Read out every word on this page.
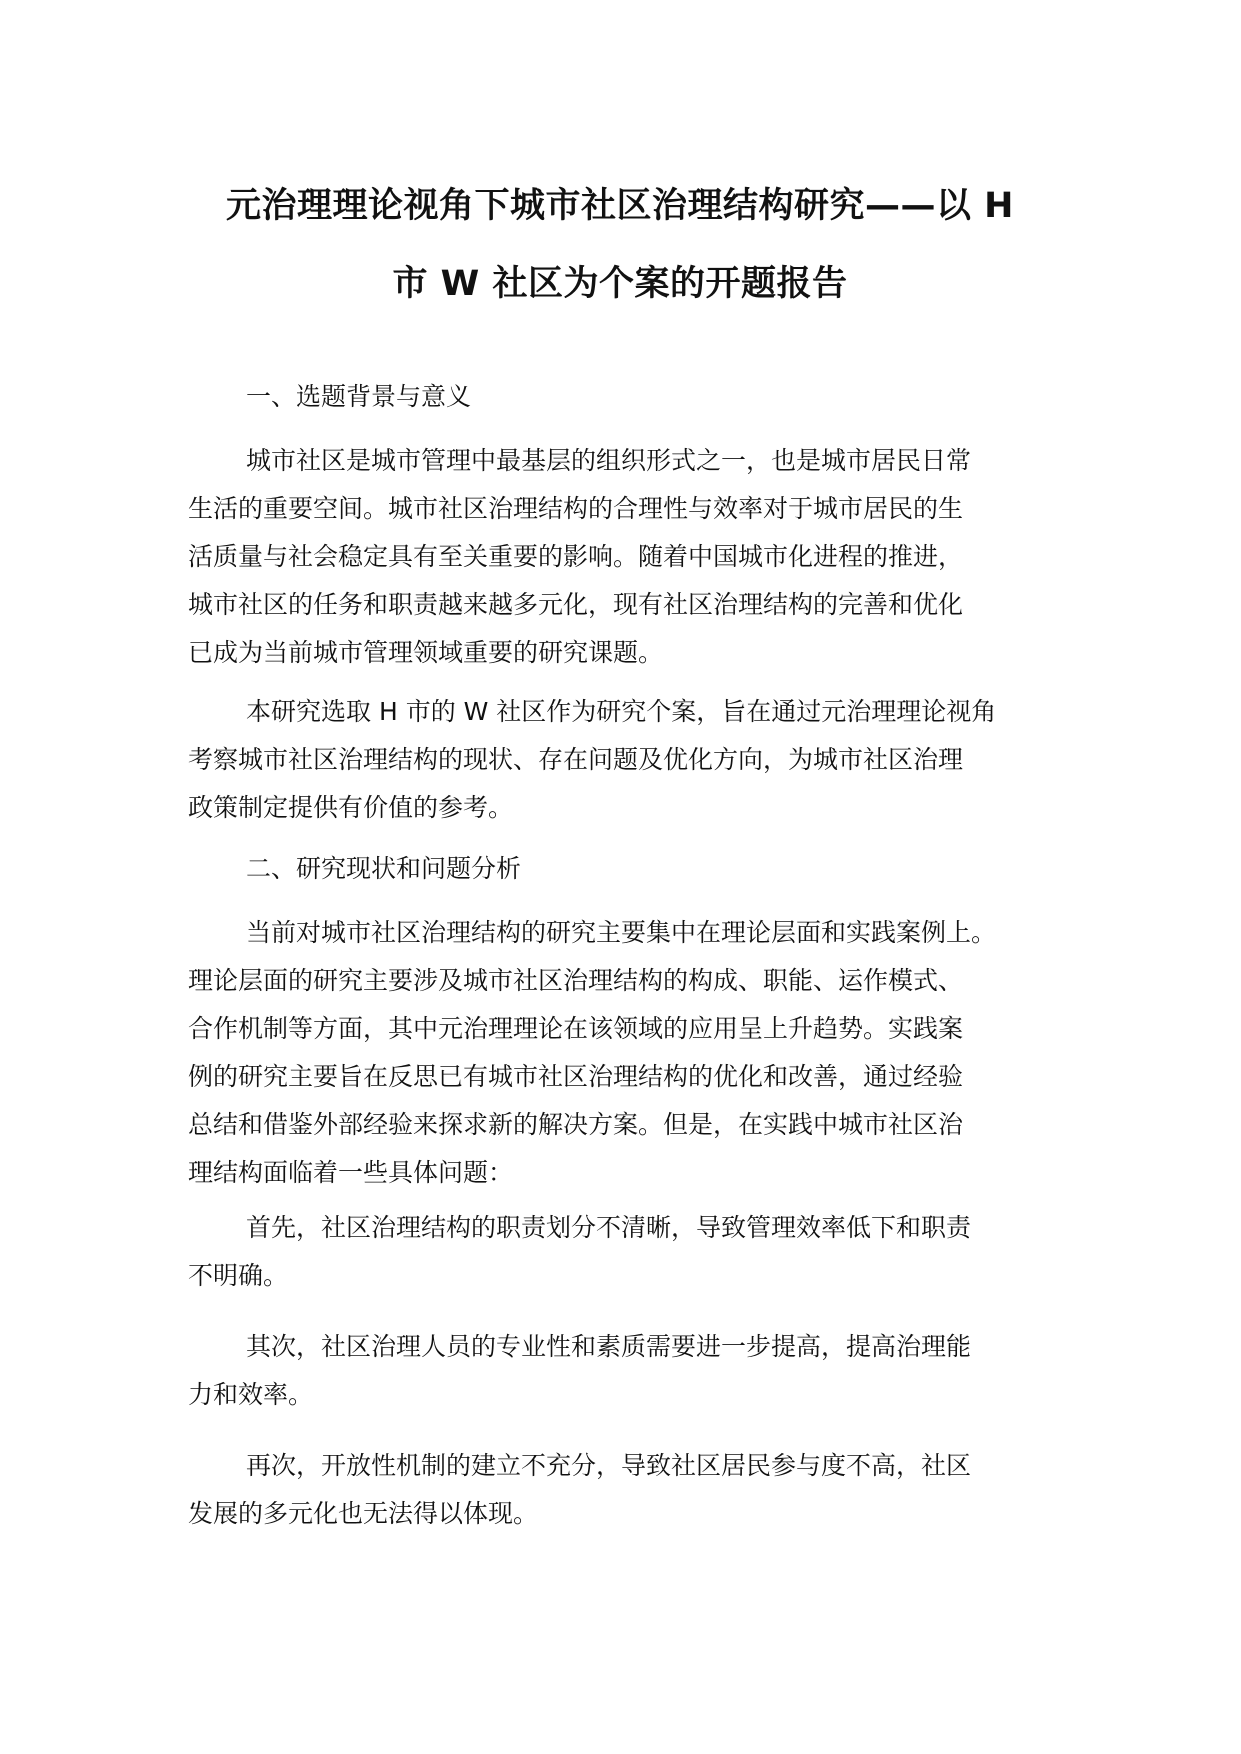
元治理理论视角下城市社区治理结构研究——以 H
市 W 社区为个案的开题报告

一、选题背景与意义

城市社区是城市管理中最基层的组织形式之一，也是城市居民日常
生活的重要空间。城市社区治理结构的合理性与效率对于城市居民的生
活质量与社会稳定具有至关重要的影响。随着中国城市化进程的推进，
城市社区的任务和职责越来越多元化，现有社区治理结构的完善和优化
已成为当前城市管理领域重要的研究课题。
本研究选取 H 市的 W 社区作为研究个案，旨在通过元治理理论视角
考察城市社区治理结构的现状、存在问题及优化方向，为城市社区治理
政策制定提供有价值的参考。

二、研究现状和问题分析

当前对城市社区治理结构的研究主要集中在理论层面和实践案例上。
理论层面的研究主要涉及城市社区治理结构的构成、职能、运作模式、
合作机制等方面，其中元治理理论在该领域的应用呈上升趋势。实践案
例的研究主要旨在反思已有城市社区治理结构的优化和改善，通过经验
总结和借鉴外部经验来探求新的解决方案。但是，在实践中城市社区治
理结构面临着一些具体问题：
首先，社区治理结构的职责划分不清晰，导致管理效率低下和职责
不明确。
其次，社区治理人员的专业性和素质需要进一步提高，提高治理能
力和效率。
再次，开放性机制的建立不充分，导致社区居民参与度不高，社区
发展的多元化也无法得以体现。
